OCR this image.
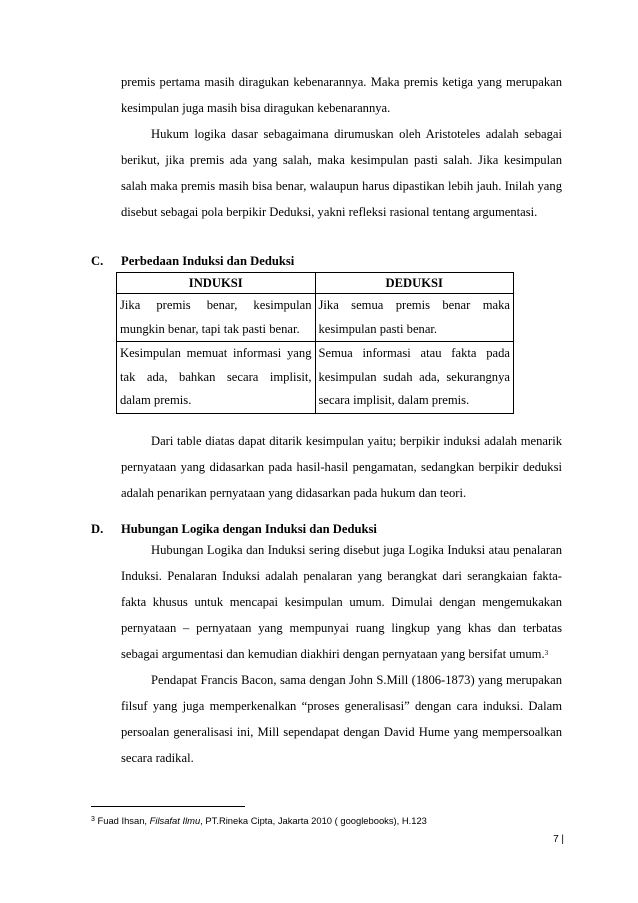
premis pertama masih diragukan kebenarannya. Maka premis ketiga yang merupakan kesimpulan juga masih bisa diragukan kebenarannya.

Hukum logika dasar sebagaimana dirumuskan oleh Aristoteles adalah sebagai berikut, jika premis ada yang salah, maka kesimpulan pasti salah. Jika kesimpulan salah maka premis masih bisa benar, walaupun harus dipastikan lebih jauh. Inilah yang disebut sebagai pola berpikir Deduksi, yakni refleksi rasional tentang argumentasi.

C. Perbedaan Induksi dan Deduksi
INDUKSI	DEDUKSI
Jika premis benar, kesimpulan mungkin benar, tapi tak pasti benar.	Jika semua premis benar maka kesimpulan pasti benar.
Kesimpulan memuat informasi yang tak ada, bahkan secara implisit, dalam premis.	Semua informasi atau fakta pada kesimpulan sudah ada, sekurangnya secara implisit, dalam premis.

Dari table diatas dapat ditarik kesimpulan yaitu; berpikir induksi adalah menarik pernyataan yang didasarkan pada hasil-hasil pengamatan, sedangkan berpikir deduksi adalah penarikan pernyataan yang didasarkan pada hukum dan teori.

D. Hubungan Logika dengan Induksi dan Deduksi

Hubungan Logika dan Induksi sering disebut juga Logika Induksi atau penalaran Induksi. Penalaran Induksi adalah penalaran yang berangkat dari serangkaian fakta-fakta khusus untuk mencapai kesimpulan umum. Dimulai dengan mengemukakan pernyataan – pernyataan yang mempunyai ruang lingkup yang khas dan terbatas sebagai argumentasi dan kemudian diakhiri dengan pernyataan yang bersifat umum.$^3$

Pendapat Francis Bacon, sama dengan John S.Mill (1806-1873) yang merupakan filsuf yang juga memperkenalkan “proses generalisasi” dengan cara induksi. Dalam persoalan generalisasi ini, Mill sependapat dengan David Hume yang mempersoalkan secara radikal.

$^3$ Fuad Ihsan, Filsafat Ilmu, PT.Rineka Cipta, Jakarta 2010 ( googlebooks), H.123
7 |
